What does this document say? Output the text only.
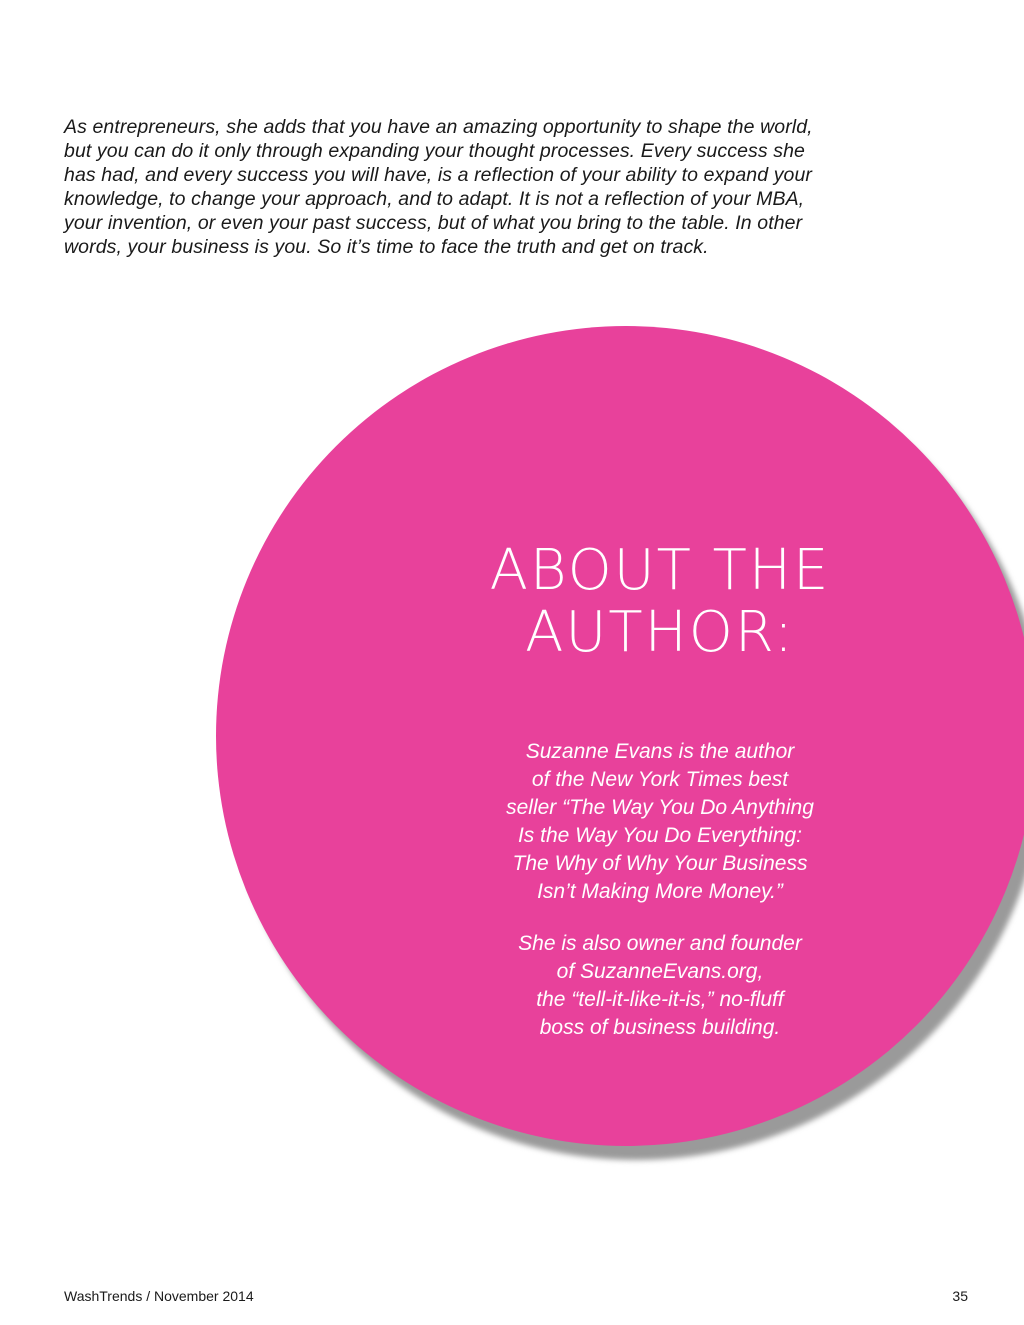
As entrepreneurs, she adds that you have an amazing opportunity to shape the world,
but you can do it only through expanding your thought processes. Every success she
has had, and every success you will have, is a reflection of your ability to expand your
knowledge, to change your approach, and to adapt. It is not a reflection of your MBA,
your invention, or even your past success, but of what you bring to the table. In other
words, your business is you. So it’s time to face the truth and get on track.

ABOUT THE
AUTHOR:

Suzanne Evans is the author
of the New York Times best
seller “The Way You Do Anything
Is the Way You Do Everything:
The Why of Why Your Business
Isn’t Making More Money.”

She is also owner and founder
of SuzanneEvans.org,
the “tell-it-like-it-is,” no-fluff
boss of business building.

WashTrends / November 2014	35
